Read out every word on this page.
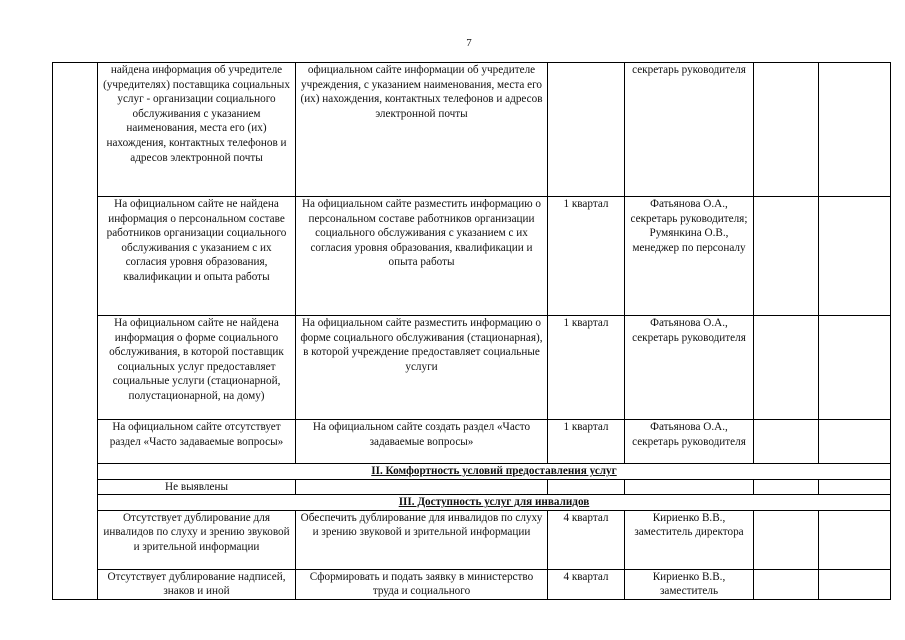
7
	найдена информация об учредителе (учредителях) поставщика социальных услуг - организации социального обслуживания с указанием наименования, места его (их) нахождения, контактных телефонов и адресов электронной почты	официальном сайте информации об учредителе учреждения, с указанием наименования, места его (их) нахождения, контактных телефонов и адресов электронной почты		секретарь руководителя		
	На официальном сайте не найдена информация о персональном составе работников организации социального обслуживания с указанием с их согласия уровня образования, квалификации и опыта работы	На официальном сайте разместить информацию о персональном составе работников организации социального обслуживания с указанием с их согласия уровня образования, квалификации и опыта работы	1 квартал	Фатьянова О.А., секретарь руководителя; Румянкина О.В., менеджер по персоналу		
	На официальном сайте не найдена информация о форме социального обслуживания, в которой поставщик социальных услуг предоставляет социальные услуги (стационарной, полустационарной, на дому)	На официальном сайте разместить информацию о форме социального обслуживания (стационарная), в которой учреждение предоставляет социальные услуги	1 квартал	Фатьянова О.А., секретарь руководителя		
	На официальном сайте отсутствует раздел «Часто задаваемые вопросы»	На официальном сайте создать раздел «Часто задаваемые вопросы»	1 квартал	Фатьянова О.А., секретарь руководителя		
	II. Комфортность условий предоставления услуг					
	Не выявлены					
	III. Доступность услуг для инвалидов					
	Отсутствует дублирование для инвалидов по слуху и зрению звуковой и зрительной информации	Обеспечить дублирование для инвалидов по слуху и зрению звуковой и зрительной информации	4 квартал	Кириенко В.В., заместитель директора		
	Отсутствует дублирование надписей, знаков и иной	Сформировать и подать заявку в министерство труда и социального	4 квартал	Кириенко В.В., заместитель		
